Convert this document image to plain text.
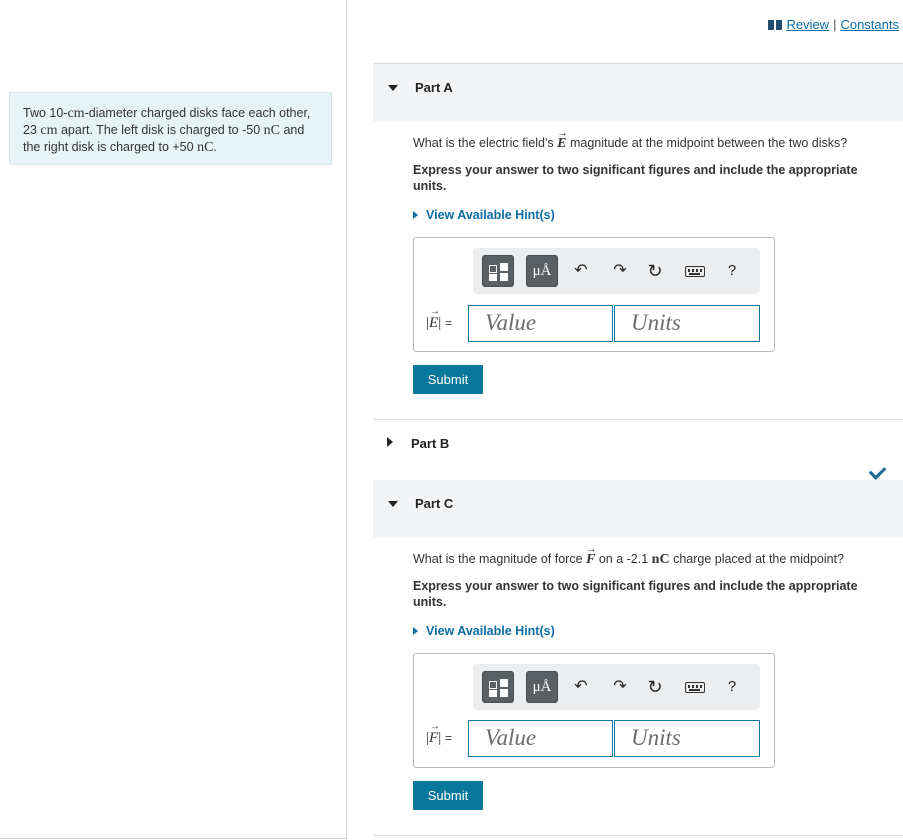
Two 10-cm-diameter charged disks face each other, 23 cm apart. The left disk is charged to -50 nC and the right disk is charged to +50 nC.
Review | Constants
Part A
What is the electric field's
→
E magnitude at the midpoint between the two disks?
Express your answer to two significant figures and include the appropriate units.
View Available Hint(s)
μÅ	↶ ↷ ↻	?
|
→
E| =	Value	Units
Submit
Part B
Part C
What is the magnitude of force
→
F on a -2.1 nC charge placed at the midpoint?
Express your answer to two significant figures and include the appropriate units.
View Available Hint(s)
μÅ	↶ ↷ ↻	?
|
→
F| =	Value	Units
Submit
